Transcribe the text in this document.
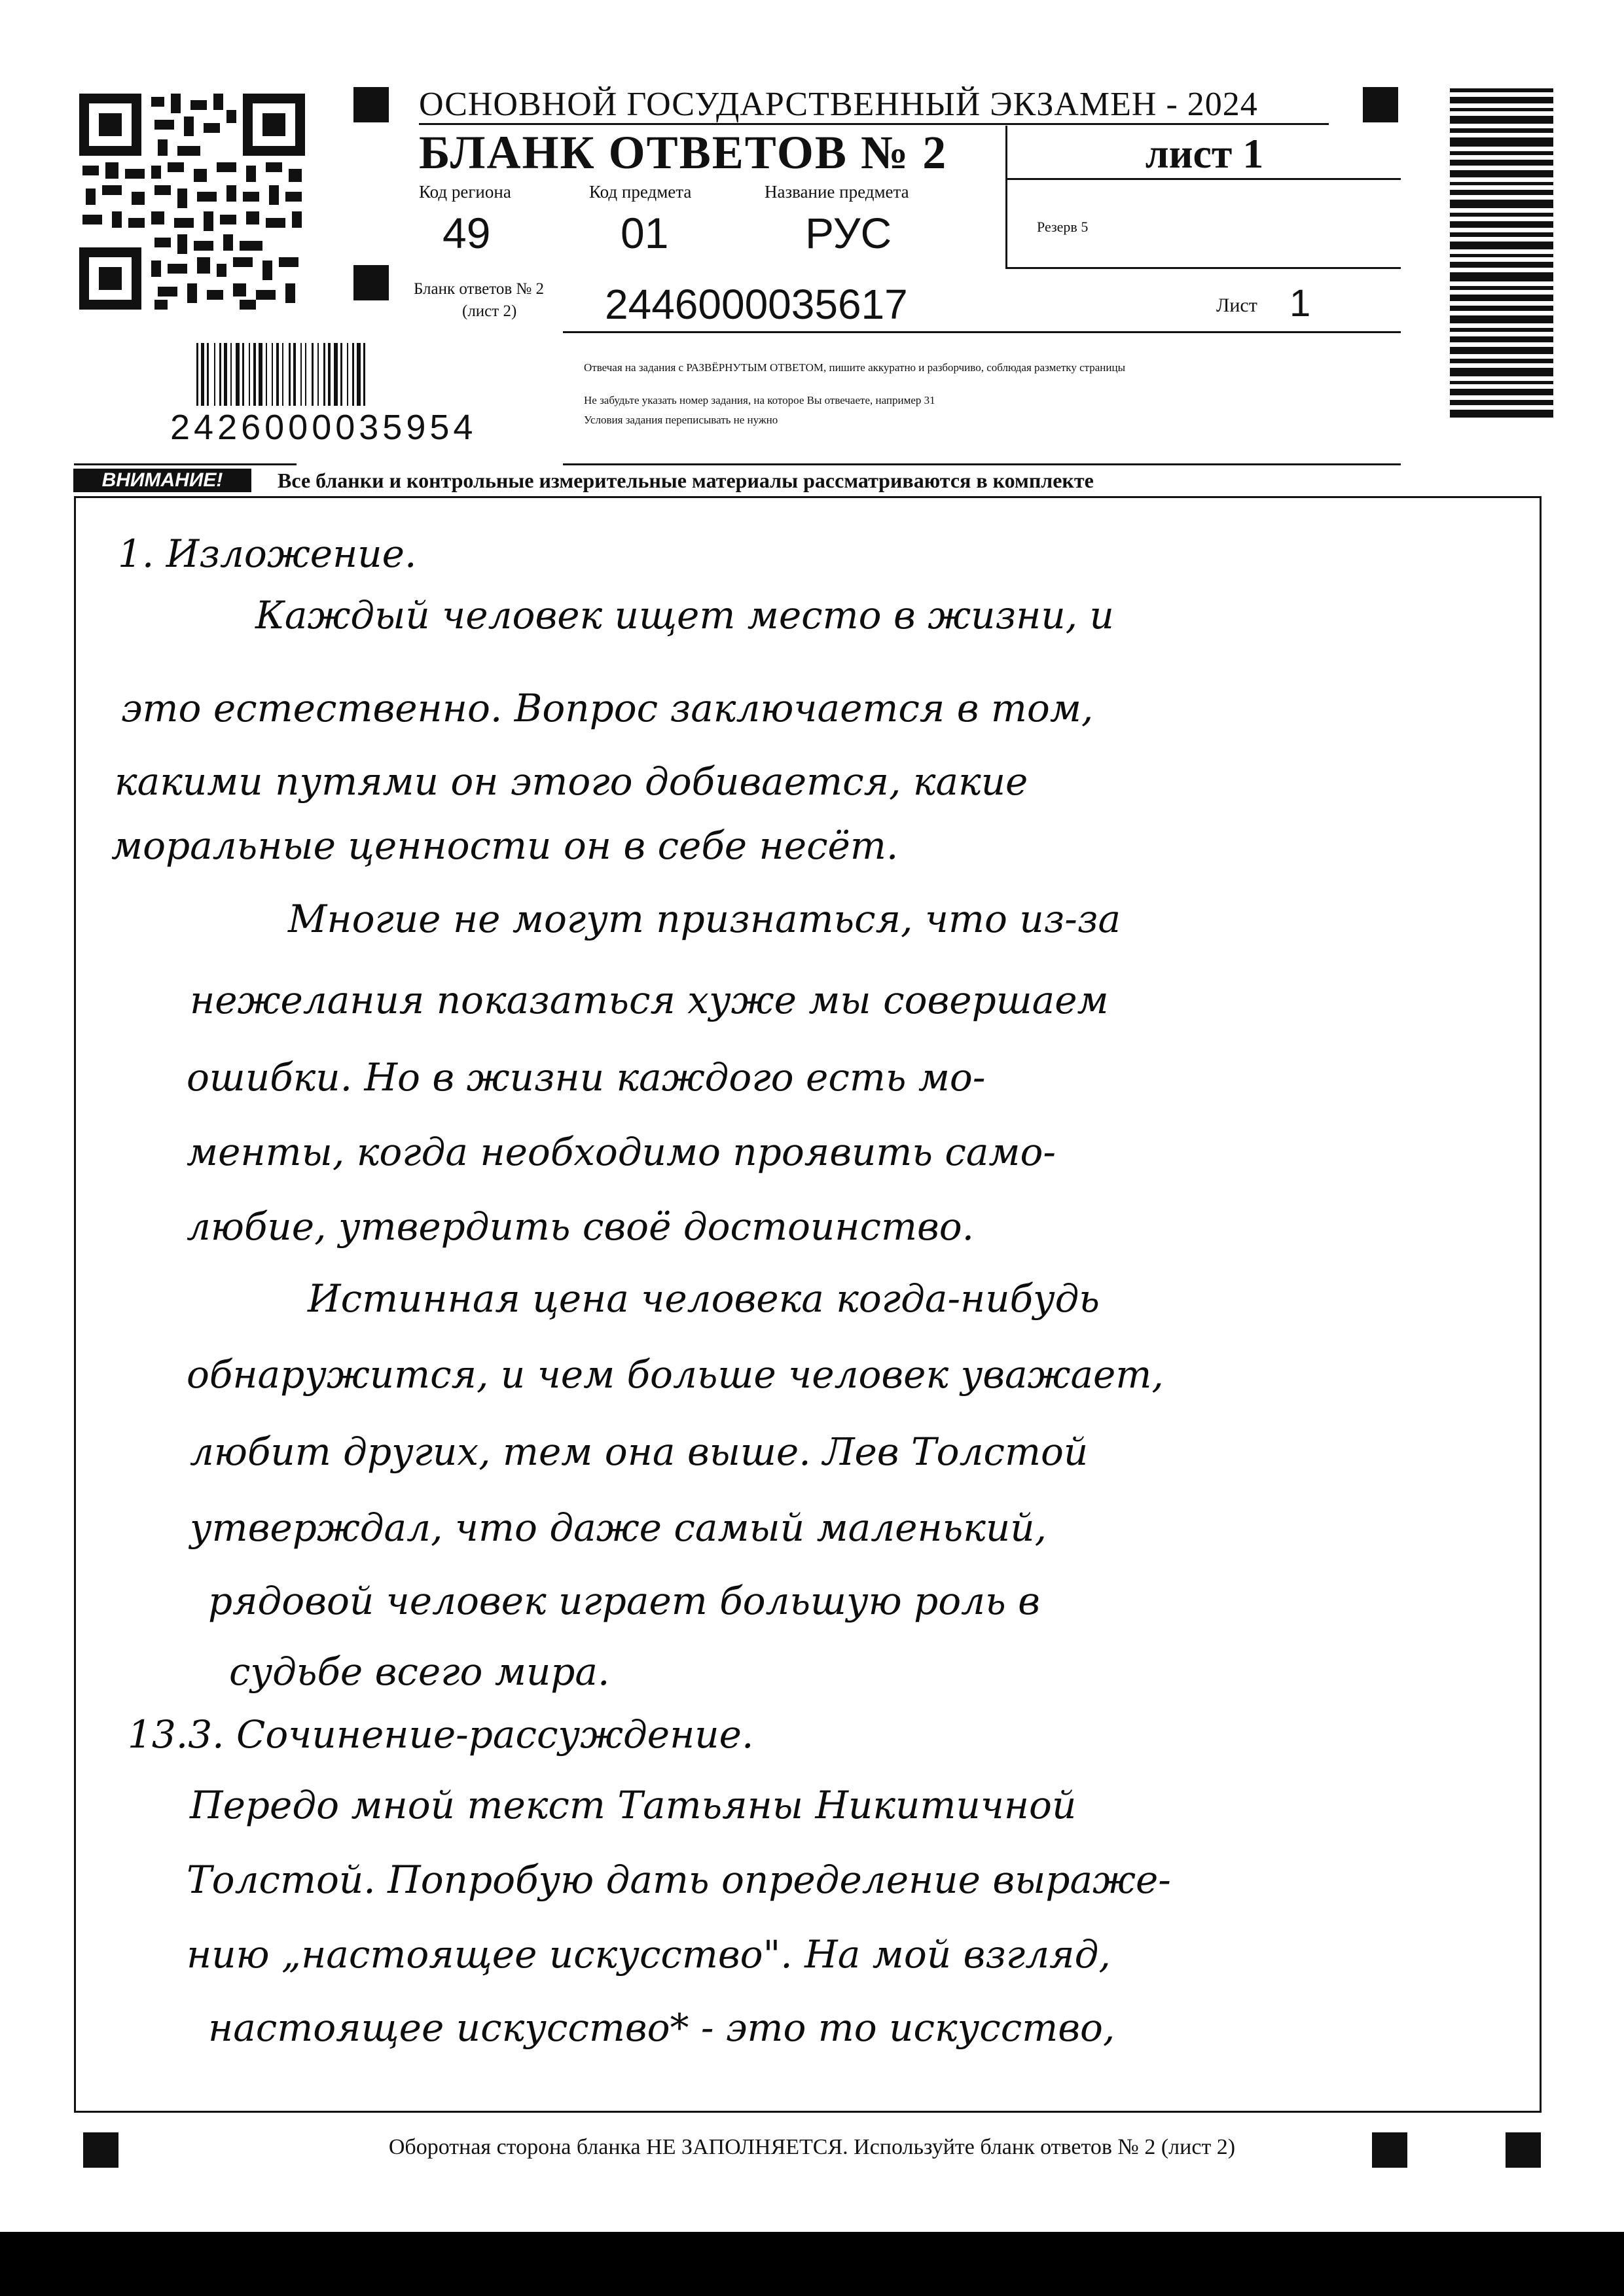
ОСНОВНОЙ ГОСУДАРСТВЕННЫЙ ЭКЗАМЕН - 2024
БЛАНК ОТВЕТОВ № 2	лист 1
Код региона
49
Код предмета
01
Название предмета
РУС	Резерв 5
Бланк ответов № 2
(лист 2) 2446000035617	Лист 1
Отвечая на задания с РАЗВЁРНУТЫМ ОТВЕТОМ, пишите аккуратно и разборчиво, соблюдая разметку страницы
Не забудьте указать номер задания, на которое Вы отвечаете, например 31
Условия задания переписывать не нужно
2426000035954
ВНИМАНИЕ!	Все бланки и контрольные измерительные материалы рассматриваются в комплекте
1. Изложение.
Каждый человек ищет место в жизни, и
это естественно. Вопрос заключается в том,
какими путями он этого добивается, какие
моральные ценности он в себе несёт.
Многие не могут признаться, что из-за
нежелания показаться хуже мы совершаем
ошибки. Но в жизни каждого есть мо-
менты, когда необходимо проявить само-
любие, утвердить своё достоинство.
Истинная цена человека когда-нибудь
обнаружится, и чем больше человек уважает,
любит других, тем она выше. Лев Толстой
утверждал, что даже самый маленький,
рядовой человек играет большую роль в
судьбе всего мира.
13.3. Сочинение-рассуждение.
Передо мной текст Татьяны Никитичной
Толстой. Попробую дать определение выраже-
нию „настоящее искусство". На мой взгляд,
настоящее искусство* - это то искусство,
Оборотная сторона бланка НЕ ЗАПОЛНЯЕТСЯ. Используйте бланк ответов № 2 (лист 2)
